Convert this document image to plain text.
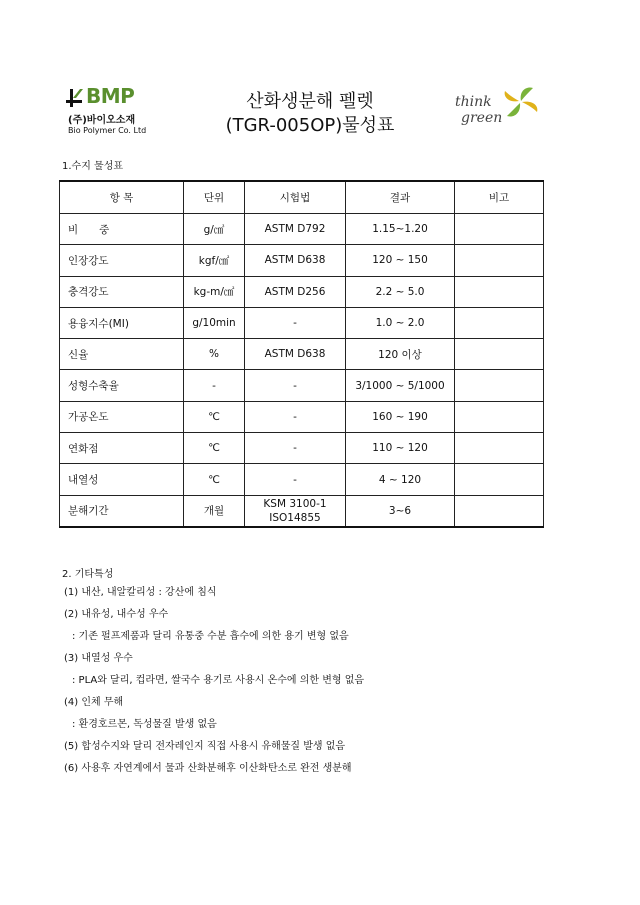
BMP
(주)바이오소재
Bio Polymer Co. Ltd
산화생분해 펠렛
(TGR-005OP)물성표
think
green
1.수지 물성표
항 목	단위	시험법	결과	비고
비　　중	g/㎤	ASTM D792	1.15~1.20	
인장강도	kgf/㎠	ASTM D638	120 ~ 150	
충격강도	kg-m/㎠	ASTM D256	2.2 ~ 5.0	
용융지수(MI)	g/10min	-	1.0 ~ 2.0	
신율	%	ASTM D638	120 이상	
성형수축율	-	-	3/1000 ~ 5/1000	
가공온도	℃	-	160 ~ 190	
연화점	℃	-	110 ~ 120	
내열성	℃	-	4 ~ 120	
분해기간	개월	KSM 3100-1 ISO14855	3~6	
2. 기타특성
(1) 내산, 내알칼리성 : 강산에 침식
(2) 내유성, 내수성 우수
: 기존 펄프제품과 달리 유통중 수분 흡수에 의한 용기 변형 없음
(3) 내열성 우수
: PLA와 달리, 컵라면, 쌀국수 용기로 사용시 온수에 의한 변형 없음
(4) 인체 무해
: 환경호르몬, 독성물질 발생 없음
(5) 합성수지와 달리 전자레인지 직접 사용시 유해물질 발생 없음
(6) 사용후 자연계에서 물과 산화분해후 이산화탄소로 완전 생분해
